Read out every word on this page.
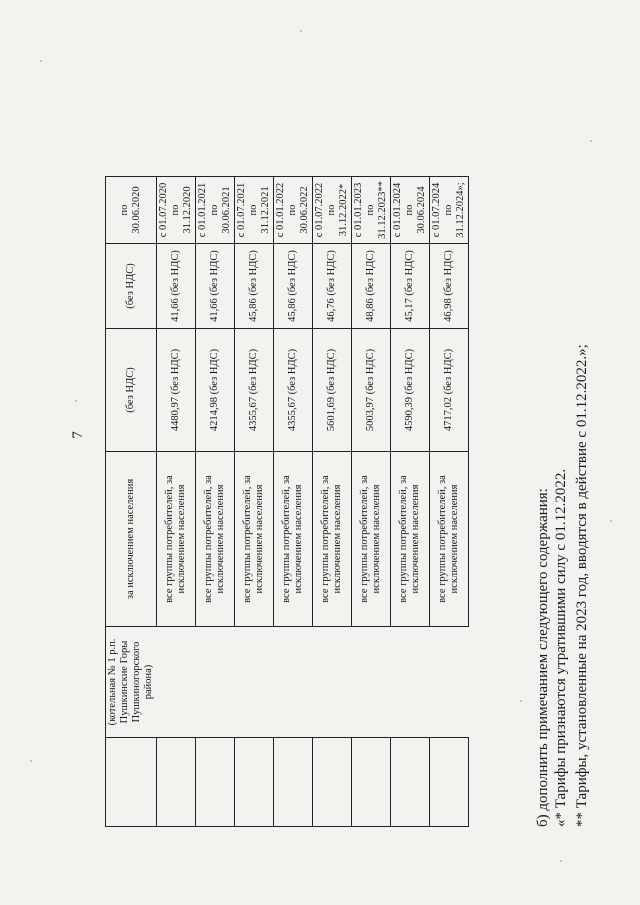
7
	(котельная № 1 р.п. Пушкинские Горы Пушкиногорского района)	за исключением населения	(без НДС)	(без НДС)	по 30.06.2020
		все группы потребителей, за исключением населения	4480,97 (без НДС)	41,66 (без НДС)	с 01.07.2020 по 31.12.2020
		все группы потребителей, за исключением населения	4214,98 (без НДС)	41,66 (без НДС)	с 01.01.2021 по 30.06.2021
		все группы потребителей, за исключением населения	4355,67 (без НДС)	45,86 (без НДС)	с 01.07.2021 по 31.12.2021
		все группы потребителей, за исключением населения	4355,67 (без НДС)	45,86 (без НДС)	с 01.01.2022 по 30.06.2022
		все группы потребителей, за исключением населения	5601,69 (без НДС)	46,76 (без НДС)	с 01.07.2022 по 31.12.2022*
		все группы потребителей, за исключением населения	5003,97 (без НДС)	48,86 (без НДС)	с 01.01.2023 по 31.12.2023**
		все группы потребителей, за исключением населения	4590,39 (без НДС)	45,17 (без НДС)	с 01.01.2024 по 30.06.2024
		все группы потребителей, за исключением населения	4717,02 (без НДС)	46,98 (без НДС)	с 01.07.2024 по 31.12.2024»;
б) дополнить примечанием следующего содержания: «* Тарифы признаются утратившими силу с 01.12.2022. ** Тарифы, установленные на 2023 год, вводятся в действие с 01.12.2022.»;
